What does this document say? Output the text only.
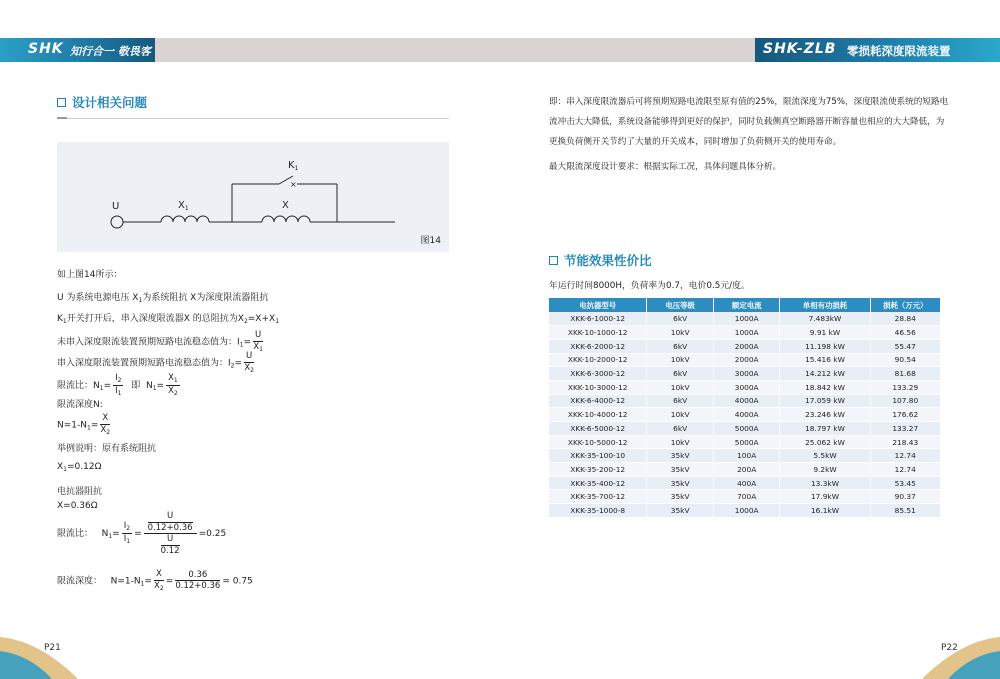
SHK 知行合一 敬畏客户
SHK-ZLB 零损耗深度限流装置
设计相关问题
×
$K_1$
U	$X_1$	X
图14
如上图14所示：
U 为系统电源电压 $X_1$为系统阻抗 X为深度限流器阻抗
$K_1$开关打开后，串入深度限流器X 的总阻抗为$X_2=X+X_1$
未串入深度限流装置预期短路电流稳态值为：$I_1= \frac{U}{X_1}$
串入深度限流装置预期短路电流稳态值为：$I_2= \frac{U}{X_2}$
限流比：$N_1= \frac{I_2}{I_1}$ 即 $N_1= \frac{X_1}{X_2}$
限流深度N:
$N=1-N_1= \frac{X}{X_2}$
举例说明：原有系统阻抗
$X_1=0.12\Omega$
电抗器阻抗
X=0.36Ω
限流比： $N_1= \frac{I_2}{I_1} = \frac{\frac{U}{0.12+0.36}}{\frac{U}{0.12}} =0.25$
限流深度： $N=1-N_1= \frac{X}{X_2} = \frac{0.36}{0.12+0.36} = 0.75$
即：串入深度限流器后可将预期短路电流限至原有值的25%，限流深度为75%，深度限流使系统的短路电流冲击大大降低，系统设备能够得到更好的保护，同时负载侧真空断路器开断容量也相应的大大降低，为更换负荷侧开关节约了大量的开关成本，同时增加了负荷侧开关的使用寿命。
最大限流深度设计要求：根据实际工况，具体问题具体分析。
节能效果性价比
年运行时间8000H，负荷率为0.7，电价0.5元/度。
电抗器型号	电压等级	额定电流	单相有功损耗	损耗（万元）
XKK-6-1000-12	6kV	1000A	7.483kW	28.84
XKK-10-1000-12	10kV	1000A	9.91 kW	46.56
XKK-6-2000-12	6kV	2000A	11.198 kW	55.47
XKK-10-2000-12	10kV	2000A	15.416 kW	90.54
XKK-6-3000-12	6kV	3000A	14.212 kW	81.68
XKK-10-3000-12	10kV	3000A	18.842 kW	133.29
XKK-6-4000-12	6kV	4000A	17.059 kW	107.80
XKK-10-4000-12	10kV	4000A	23.246 kW	176.62
XKK-6-5000-12	6kV	5000A	18.797 kW	133.27
XKK-10-5000-12	10kV	5000A	25.062 kW	218.43
XKK-35-100-10	35kV	100A	5.5kW	12.74
XKK-35-200-12	35kV	200A	9.2kW	12.74
XKK-35-400-12	35kV	400A	13.3kW	53.45
XKK-35-700-12	35kV	700A	17.9kW	90.37
XKK-35-1000-8	35kV	1000A	16.1kW	85.51
P21	P22
